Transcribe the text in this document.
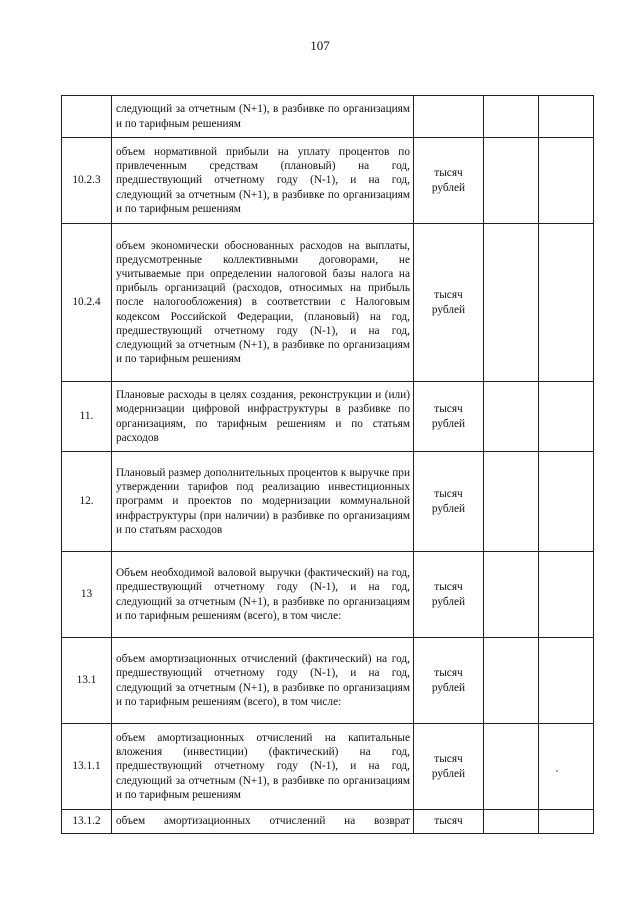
107
	следующий за отчетным (N+1), в разбивке по организациям и по тарифным решениям	

10.2.3	объем нормативной прибыли на уплату процентов по привлеченным средствам (плановый) на год, предшествующий отчетному году (N-1), и на год, следующий за отчетным (N+1), в разбивке по организациям и по тарифным решениям	тысяч
рублей		

10.2.4	объем экономически обоснованных расходов на выплаты, предусмотренные коллективными договорами, не учитываемые при определении налоговой базы налога на прибыль организаций (расходов, относимых на прибыль после налогообложения) в соответствии с Налоговым кодексом Российской Федерации, (плановый) на год, предшествующий отчетному году (N-1), и на год, следующий за отчетным (N+1), в разбивке по организациям и по тарифным решениям	тысяч
рублей		

11.	Плановые расходы в целях создания, реконструкции и (или) модернизации цифровой инфраструктуры в разбивке по организациям, по тарифным решениям и по статьям расходов	тысяч
рублей		

12.	Плановый размер дополнительных процентов к выручке при утверждении тарифов под реализацию инвестиционных программ и проектов по модернизации коммунальной инфраструктуры (при наличии) в разбивке по организациям и по статьям расходов	тысяч
рублей		

13	Объем необходимой валовой выручки (фактический) на год, предшествующий отчетному году (N-1), и на год, следующий за отчетным (N+1), в разбивке по организациям и по тарифным решениям (всего), в том числе:	тысяч
рублей		

13.1	объем амортизационных отчислений (фактический) на год, предшествующий отчетному году (N-1), и на год, следующий за отчетным (N+1), в разбивке по организациям и по тарифным решениям (всего), в том числе:	тысяч
рублей		

13.1.1	объем амортизационных отчислений на капитальные вложения (инвестиции) (фактический) на год, предшествующий отчетному году (N-1), и на год, следующий за отчетным (N+1), в разбивке по организациям и по тарифным решениям	тысяч
рублей		

13.1.2	объем амортизационных отчислений на возврат	тысяч		
